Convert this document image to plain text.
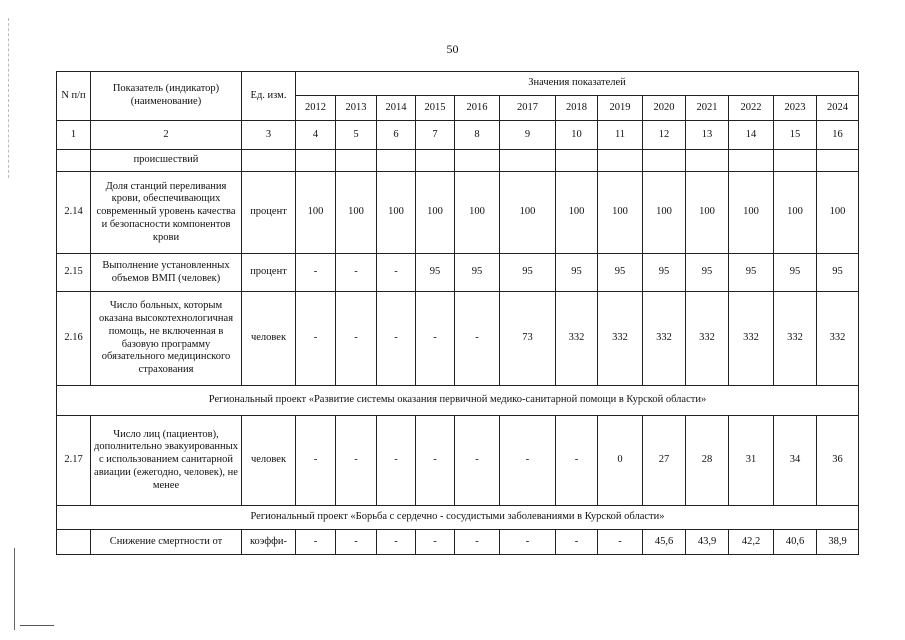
50
N п/п	Показатель (индикатор) (наименование)	Ед. изм.	Значения показателей												
			2012	2013	2014	2015	2016	2017	2018	2019	2020	2021	2022	2023	2024
1	2	3	4	5	6	7	8	9	10	11	12	13	14	15	16
	происшествий														
2.14	Доля станций переливания крови, обеспечивающих современный уровень качества и безопасности компонентов крови	процент	100	100	100	100	100	100	100	100	100	100	100	100	100
2.15	Выполнение установленных объемов ВМП (человек)	процент	-	-	-	95	95	95	95	95	95	95	95	95	95
2.16	Число больных, которым оказана высокотехнологичная помощь, не включенная в базовую программу обязательного медицинского страхования	человек	-	-	-	-	-	73	332	332	332	332	332	332	332
Региональный проект «Развитие системы оказания первичной медико-санитарной помощи в Курской области»															
2.17	Число лиц (пациентов), дополнительно эвакуированных с использованием санитарной авиации (ежегодно, человек), не менее	человек	-	-	-	-	-	-	-	0	27	28	31	34	36
Региональный проект «Борьба с сердечно - сосудистыми заболеваниями в Курской области»															
	Снижение смертности от	коэффи-	-	-	-	-	-	-	-	-	45,6	43,9	42,2	40,6	38,9
